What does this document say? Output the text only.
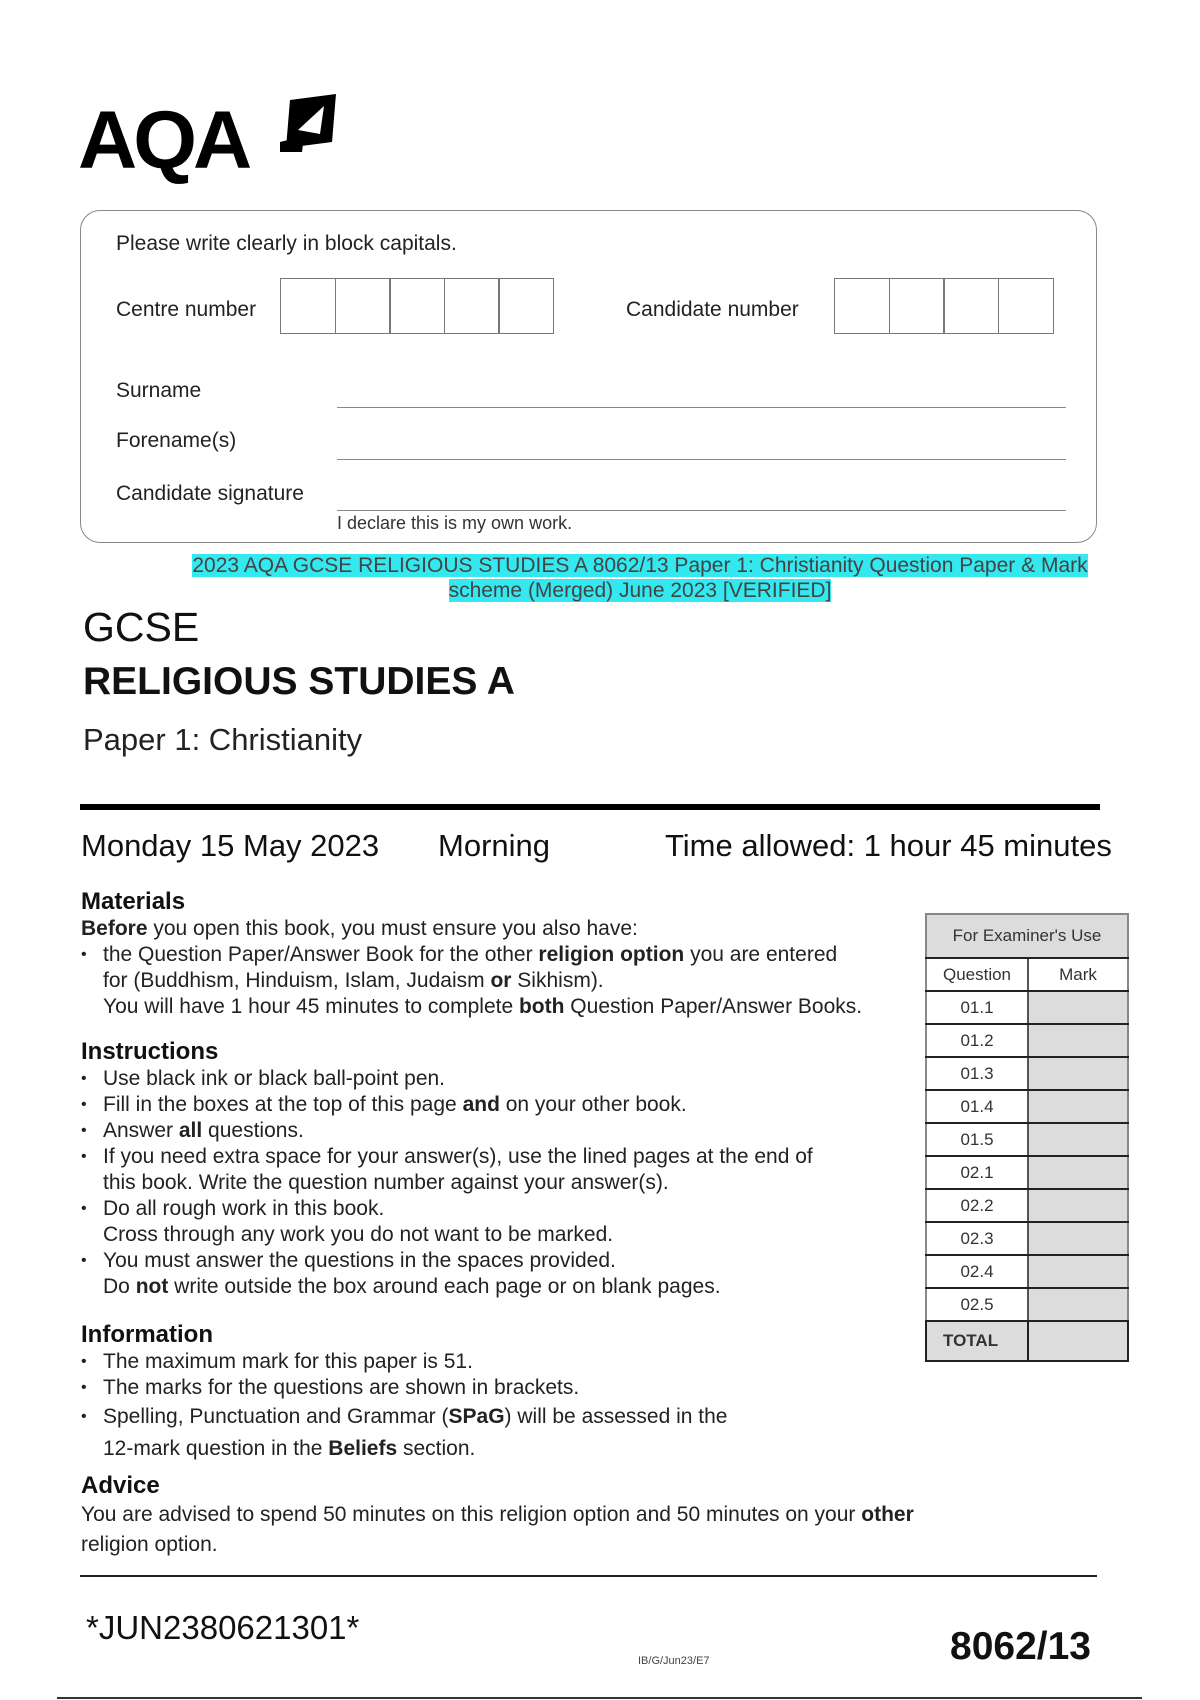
AQA
Please write clearly in block capitals.
Centre number	Candidate number
Surname
Forename(s)
Candidate signature
I declare this is my own work.
2023 AQA GCSE RELIGIOUS STUDIES A 8062/13 Paper 1: Christianity Question Paper & Mark
scheme (Merged) June 2023 [VERIFIED]
GCSE
RELIGIOUS STUDIES A
Paper 1: Christianity
Monday 15 May 2023 Morning	Time allowed: 1 hour 45 minutes
Materials
Before you open this book, you must ensure you also have:
• the Question Paper/Answer Book for the other religion option you are entered
for (Buddhism, Hinduism, Islam, Judaism or Sikhism).
You will have 1 hour 45 minutes to complete both Question Paper/Answer Books.
Instructions
• Use black ink or black ball-point pen.
• Fill in the boxes at the top of this page and on your other book.
• Answer all questions.
• If you need extra space for your answer(s), use the lined pages at the end of
this book. Write the question number against your answer(s).
• Do all rough work in this book.
Cross through any work you do not want to be marked.
• You must answer the questions in the spaces provided.
Do not write outside the box around each page or on blank pages.
Information
• The maximum mark for this paper is 51.
• The marks for the questions are shown in brackets.
• Spelling, Punctuation and Grammar (SPaG) will be assessed in the
12-mark question in the Beliefs section.
Advice
You are advised to spend 50 minutes on this religion option and 50 minutes on your other
religion option.
For Examiner's Use	
Question	Mark
01.1	
01.2	
01.3	
01.4	
01.5	
02.1	
02.2	
02.3	
02.4	
02.5	
TOTAL	
*JUN2380621301*
IB/G/Jun23/E7	8062/13
